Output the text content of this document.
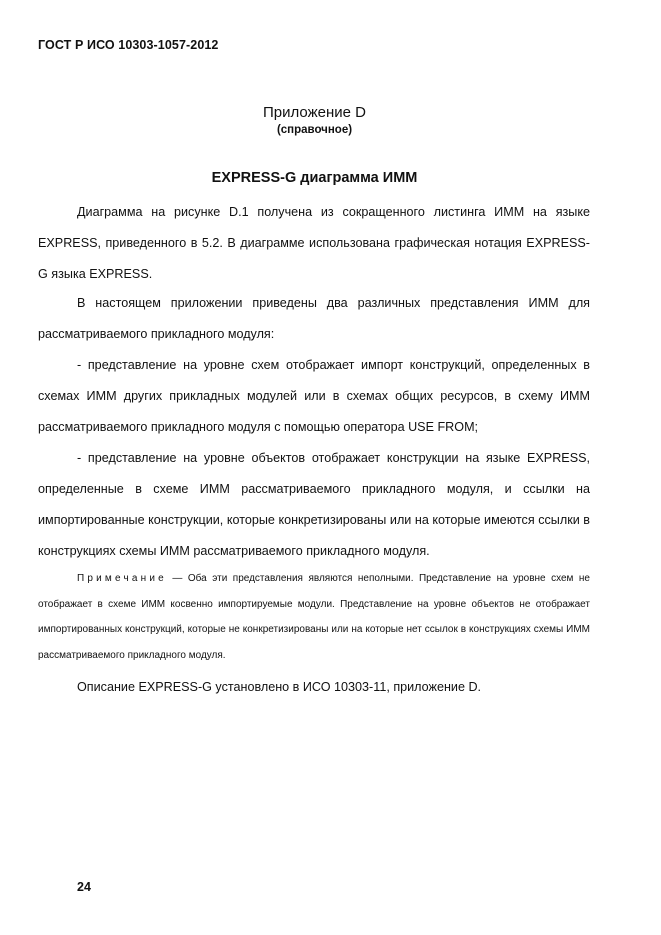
ГОСТ Р ИСО 10303-1057-2012
Приложение D
(справочное)
EXPRESS-G диаграмма ИММ
Диаграмма на рисунке D.1 получена из сокращенного листинга ИММ на языке EXPRESS, приведенного в 5.2. В диаграмме использована графическая нотация EXPRESS-G языка EXPRESS.
В настоящем приложении приведены два различных представления ИММ для рассматриваемого прикладного модуля:
- представление на уровне схем отображает импорт конструкций, определенных в схемах ИММ других прикладных модулей или в схемах общих ресурсов, в схему ИММ рассматриваемого прикладного модуля с помощью оператора USE FROM;
- представление на уровне объектов отображает конструкции на языке EXPRESS, определенные в схеме ИММ рассматриваемого прикладного модуля, и ссылки на импортированные конструкции, которые конкретизированы или на которые имеются ссылки в конструкциях схемы ИММ рассматриваемого прикладного модуля.
Примечание — Оба эти представления являются неполными. Представление на уровне схем не отображает в схеме ИММ косвенно импортируемые модули. Представление на уровне объектов не отображает импортированных конструкций, которые не конкретизированы или на которые нет ссылок в конструкциях схемы ИММ рассматриваемого прикладного модуля.
Описание EXPRESS-G установлено в ИСО 10303-11, приложение D.
24
